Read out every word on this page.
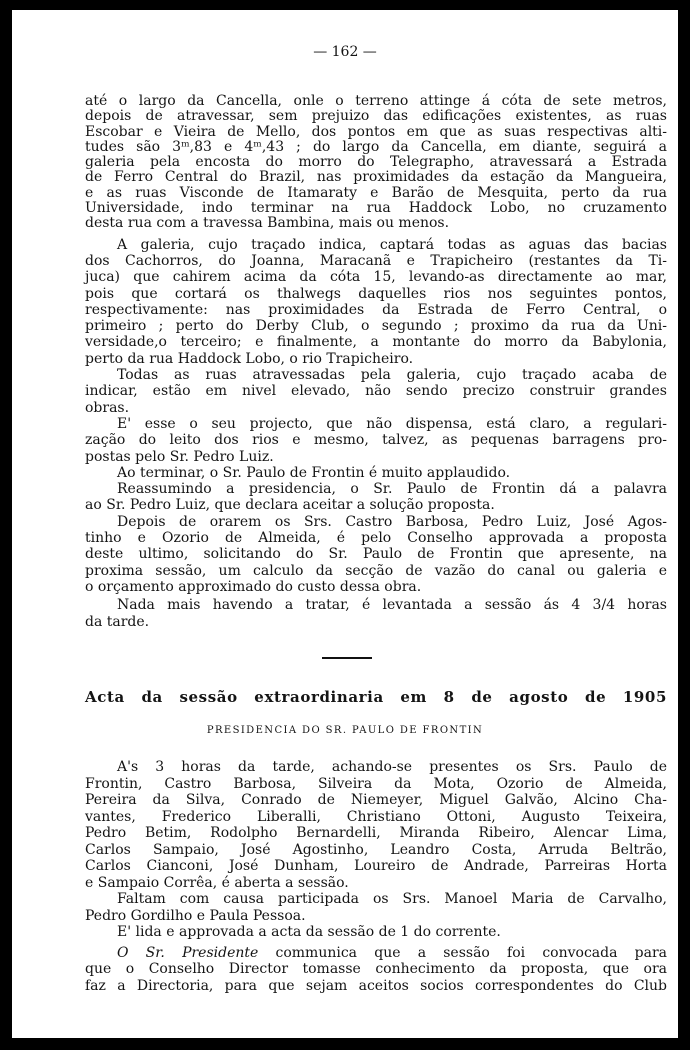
— 162 —
até o largo da Cancella, onle o terreno attinge á cóta de sete metros,
depois de atravessar, sem prejuizo das edificações existentes, as ruas
Escobar e Vieira de Mello, dos pontos em que as suas respectivas alti-
tudes são 3ᵐ,83 e 4ᵐ,43 ; do largo da Cancella, em diante, seguirá a
galeria pela encosta do morro do Telegrapho, atravessará a Estrada
de Ferro Central do Brazil, nas proximidades da estação da Mangueira,
e as ruas Visconde de Itamaraty e Barão de Mesquita, perto da rua
Universidade, indo terminar na rua Haddock Lobo, no cruzamento
desta rua com a travessa Bambina, mais ou menos.
A galeria, cujo traçado indica, captará todas as aguas das bacias
dos Cachorros, do Joanna, Maracanã e Trapicheiro (restantes da Ti-
juca) que cahirem acima da cóta 15, levando-as directamente ao mar,
pois que cortará os thalwegs daquelles rios nos seguintes pontos,
respectivamente: nas proximidades da Estrada de Ferro Central, o
primeiro ; perto do Derby Club, o segundo ; proximo da rua da Uni-
versidade,o terceiro; e finalmente, a montante do morro da Babylonia,
perto da rua Haddock Lobo, o rio Trapicheiro.
Todas as ruas atravessadas pela galeria, cujo traçado acaba de
indicar, estão em nivel elevado, não sendo precizo construir grandes
obras.
E' esse o seu projecto, que não dispensa, está claro, a regulari-
zação do leito dos rios e mesmo, talvez, as pequenas barragens pro-
postas pelo Sr. Pedro Luiz.
Ao terminar, o Sr. Paulo de Frontin é muito applaudido.
Reassumindo a presidencia, o Sr. Paulo de Frontin dá a palavra
ao Sr. Pedro Luiz, que declara aceitar a solução proposta.
Depois de orarem os Srs. Castro Barbosa, Pedro Luiz, José Agos-
tinho e Ozorio de Almeida, é pelo Conselho approvada a proposta
deste ultimo, solicitando do Sr. Paulo de Frontin que apresente, na
proxima sessão, um calculo da secção de vazão do canal ou galeria e
o orçamento approximado do custo dessa obra.
Nada mais havendo a tratar, é levantada a sessão ás 4 3/4 horas
da tarde.
Acta da sessão extraordinaria em 8 de agosto de 1905
PRESIDENCIA DO SR. PAULO DE FRONTIN
A's 3 horas da tarde, achando-se presentes os Srs. Paulo de
Frontin, Castro Barbosa, Silveira da Mota, Ozorio de Almeida,
Pereira da Silva, Conrado de Niemeyer, Miguel Galvão, Alcino Cha-
vantes, Frederico Liberalli, Christiano Ottoni, Augusto Teixeira,
Pedro Betim, Rodolpho Bernardelli, Miranda Ribeiro, Alencar Lima,
Carlos Sampaio, José Agostinho, Leandro Costa, Arruda Beltrão,
Carlos Cianconi, José Dunham, Loureiro de Andrade, Parreiras Horta
e Sampaio Corrêa, é aberta a sessão.
Faltam com causa participada os Srs. Manoel Maria de Carvalho,
Pedro Gordilho e Paula Pessoa.
E' lida e approvada a acta da sessão de 1 do corrente.
O Sr. Presidente communica que a sessão foi convocada para
que o Conselho Director tomasse conhecimento da proposta, que ora
faz a Directoria, para que sejam aceitos socios correspondentes do Club
